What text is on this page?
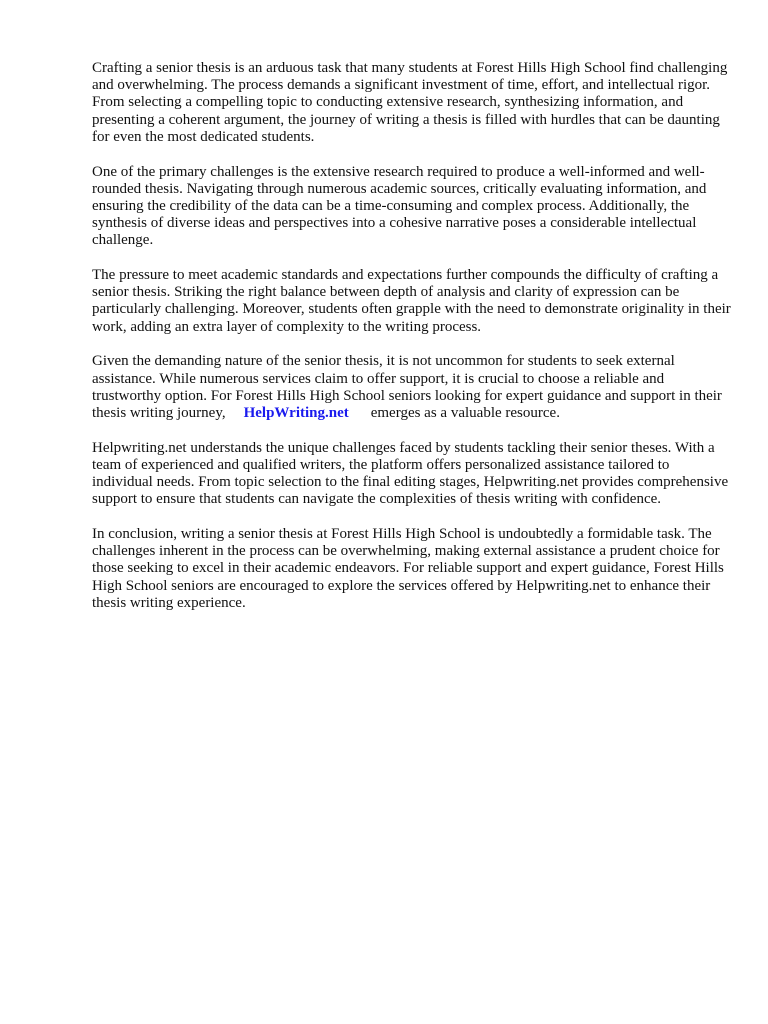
Crafting a senior thesis is an arduous task that many students at Forest Hills High School find challenging and overwhelming. The process demands a significant investment of time, effort, and intellectual rigor. From selecting a compelling topic to conducting extensive research, synthesizing information, and presenting a coherent argument, the journey of writing a thesis is filled with hurdles that can be daunting for even the most dedicated students.

One of the primary challenges is the extensive research required to produce a well-informed and well-rounded thesis. Navigating through numerous academic sources, critically evaluating information, and ensuring the credibility of the data can be a time-consuming and complex process. Additionally, the synthesis of diverse ideas and perspectives into a cohesive narrative poses a considerable intellectual challenge.

The pressure to meet academic standards and expectations further compounds the difficulty of crafting a senior thesis. Striking the right balance between depth of analysis and clarity of expression can be particularly challenging. Moreover, students often grapple with the need to demonstrate originality in their work, adding an extra layer of complexity to the writing process.

Given the demanding nature of the senior thesis, it is not uncommon for students to seek external assistance. While numerous services claim to offer support, it is crucial to choose a reliable and trustworthy option. For Forest Hills High School seniors looking for expert guidance and support in their thesis writing journey, HelpWriting.net emerges as a valuable resource.

Helpwriting.net understands the unique challenges faced by students tackling their senior theses. With a team of experienced and qualified writers, the platform offers personalized assistance tailored to individual needs. From topic selection to the final editing stages, Helpwriting.net provides comprehensive support to ensure that students can navigate the complexities of thesis writing with confidence.

In conclusion, writing a senior thesis at Forest Hills High School is undoubtedly a formidable task. The challenges inherent in the process can be overwhelming, making external assistance a prudent choice for those seeking to excel in their academic endeavors. For reliable support and expert guidance, Forest Hills High School seniors are encouraged to explore the services offered by Helpwriting.net to enhance their thesis writing experience.
